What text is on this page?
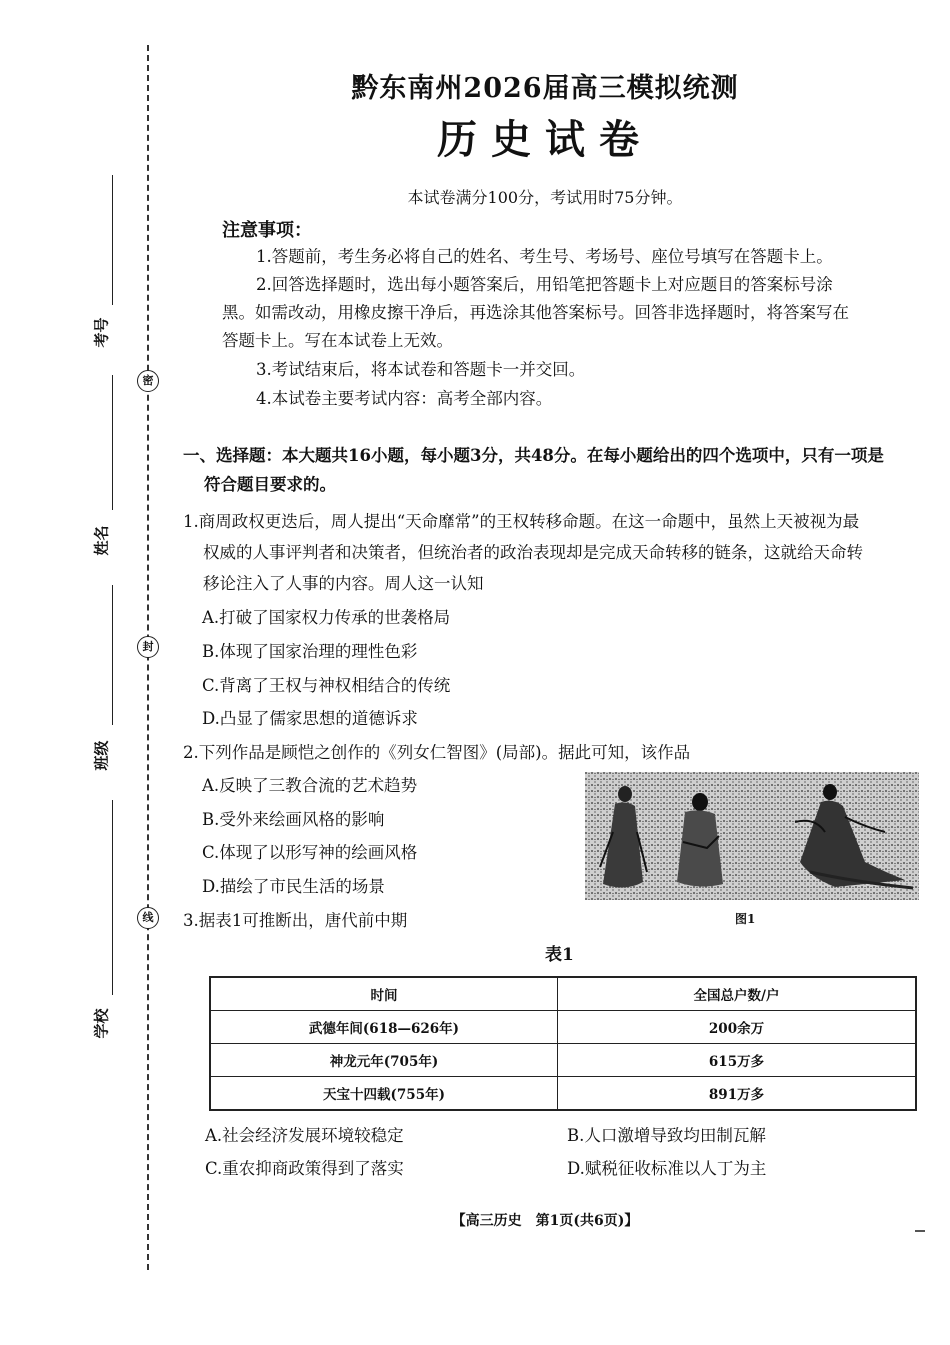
密
封
线
考号
姓名
班级
学校
黔东南州2026届高三模拟统测
历史试卷
本试卷满分100分，考试用时75分钟。
注意事项：
1.答题前，考生务必将自己的姓名、考生号、考场号、座位号填写在答题卡上。
2.回答选择题时，选出每小题答案后，用铅笔把答题卡上对应题目的答案标号涂
黑。如需改动，用橡皮擦干净后，再选涂其他答案标号。回答非选择题时，将答案写在
答题卡上。写在本试卷上无效。
3.考试结束后，将本试卷和答题卡一并交回。
4.本试卷主要考试内容：高考全部内容。
一、选择题：本大题共16小题，每小题3分，共48分。在每小题给出的四个选项中，只有一项是
符合题目要求的。
1.商周政权更迭后，周人提出“天命靡常”的王权转移命题。在这一命题中，虽然上天被视为最
权威的人事评判者和决策者，但统治者的政治表现却是完成天命转移的链条，这就给天命转
移论注入了人事的内容。周人这一认知
A.打破了国家权力传承的世袭格局
B.体现了国家治理的理性色彩
C.背离了王权与神权相结合的传统
D.凸显了儒家思想的道德诉求
2.下列作品是顾恺之创作的《列女仁智图》(局部)。据此可知，该作品
A.反映了三教合流的艺术趋势
B.受外来绘画风格的影响
C.体现了以形写神的绘画风格
D.描绘了市民生活的场景
图1
3.据表1可推断出，唐代前中期
表1
时间	全国总户数/户
武德年间(618—626年)	200余万
神龙元年(705年)	615万多
天宝十四载(755年)	891万多
A.社会经济发展环境较稳定	B.人口激增导致均田制瓦解
C.重农抑商政策得到了落实	D.赋税征收标准以人丁为主
【高三历史　第1页(共6页)】
